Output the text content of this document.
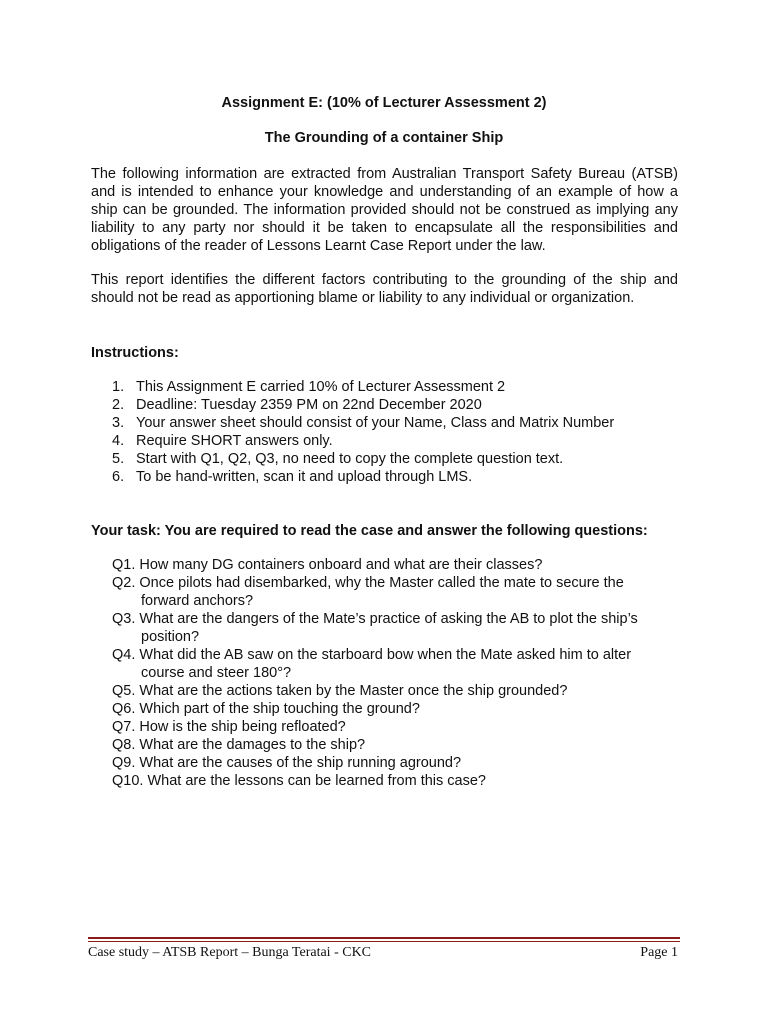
Assignment E: (10% of Lecturer Assessment 2)
The Grounding of a container Ship

The following information are extracted from Australian Transport Safety Bureau (ATSB) and is intended to enhance your knowledge and understanding of an example of how a ship can be grounded. The information provided should not be construed as implying any liability to any party nor should it be taken to encapsulate all the responsibilities and obligations of the reader of Lessons Learnt Case Report under the law.

This report identifies the different factors contributing to the grounding of the ship and should not be read as apportioning blame or liability to any individual or organization.

Instructions:
1. This Assignment E carried 10% of Lecturer Assessment 2
2. Deadline: Tuesday 2359 PM on 22nd December 2020
3. Your answer sheet should consist of your Name, Class and Matrix Number
4. Require SHORT answers only.
5. Start with Q1, Q2, Q3, no need to copy the complete question text.
6. To be hand-written, scan it and upload through LMS.
Your task: You are required to read the case and answer the following questions:
Q1. How many DG containers onboard and what are their classes?
Q2. Once pilots had disembarked, why the Master called the mate to secure the
forward anchors?
Q3. What are the dangers of the Mate’s practice of asking the AB to plot the ship’s
position?
Q4. What did the AB saw on the starboard bow when the Mate asked him to alter
course and steer 180°?
Q5. What are the actions taken by the Master once the ship grounded?
Q6. Which part of the ship touching the ground?
Q7. How is the ship being refloated?
Q8. What are the damages to the ship?
Q9. What are the causes of the ship running aground?
Q10. What are the lessons can be learned from this case?
Case study – ATSB Report – Bunga Teratai - CKC	Page 1
